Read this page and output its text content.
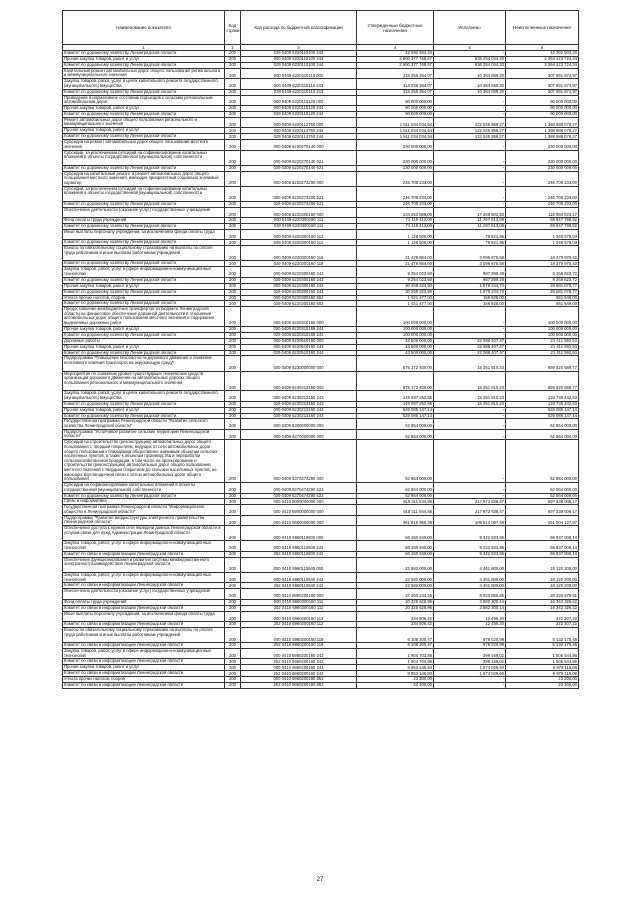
Наименование показателя	Код строки	Код расхода по бюджетной классификации	Утвержденные бюджетные назначения	Исполнено	Неисполненные назначения
1	2	3	4	5	6
Комитет по дорожному хозяйству Ленинградской области	200	029 0409 6220110100 242	42 292 933,33	-	42 292 933,33
Прочая закупка товаров, работ и услуг	200	000 0409 6220110100 244	2 900 377 768,67	636 254 044,33	2 264 123 724,34
Комитет по дорожному хозяйству Ленинградской области	200	029 0409 6220110100 244	2 900 377 768,67	636 254 044,33	2 264 123 724,34
Капитальный ремонт автомобильных дорог общего пользования регионального и межмуниципального значения	200	000 0409 6220110110 000	318 256 364,07	10 364 689,20	307 891 674,87
Закупка товаров, работ, услуг в целях капитального ремонта государственного (муниципального) имущества	200	000 0409 6220110110 243	318 256 364,07	10 364 689,20	307 891 674,87
Комитет по дорожному хозяйству Ленинградской области	200	029 0409 6220110110 243	318 256 364,07	10 364 689,20	307 891 674,87
Приведение в нормативное состояние подъездов к сельским региональным автомобильным дорог	200	000 0409 6220110120 000	90 000 000,00	-	90 000 000,00
Прочая закупка товаров, работ и услуг	200	000 0409 6220110120 244	90 000 000,00	-	90 000 000,00
Комитет по дорожному хозяйству Ленинградской области	200	029 0409 6220110120 244	90 000 000,00	-	90 000 000,00
Ремонт автомобильных дорог общего пользования регионального и межмуниципального значения	200	000 0409 6220112750 000	1 511 034 034,54	122 045 958,27	1 388 988 076,27
Прочая закупка товаров, работ и услуг	200	000 0409 6220112750 244	1 511 034 034,54	122 045 958,27	1 388 988 076,27
Комитет по дорожному хозяйству Ленинградской области	200	029 0409 6220112750 244	1 511 034 034,54	122 045 958,27	1 388 988 076,27
Субсидии на ремонт автомобильных дорог общего пользования местного значения	200	000 0409 6220270140 000	230 000 000,00	-	230 000 000,00
Субсидии, за исключением субсидий на софинансирование капитальных вложений в объекты государственной (муниципальной) собственности	200	000 0409 6220270140 521	230 000 000,00	-	230 000 000,00
Комитет по дорожному хозяйству Ленинградской области	200	029 0409 6220270140 521	230 000 000,00	-	230 000 000,00
Субсидии на капитальный ремонт и ремонт автомобильных дорог общего пользования местного значения, имеющих приоритетный социально значимый характер	200	000 0409 6220274200 000	246 708 233,00	-	246 708 233,00
Субсидии, за исключением субсидий на софинансирование капитальных вложений в объекты государственной (муниципальной) собственности	200	000 0409 6220274200 521	246 708 233,00	-	246 708 233,00
Комитет по дорожному хозяйству Ленинградской области	200	029 0409 6220274200 521	246 708 233,00	-	246 708 233,00
Обеспечение деятельности (оказание услуг) государственных учреждений	200	000 0409 6220300160 000	134 253 866,00	17 269 902,83	116 984 023,17
Фонд оплаты труда учреждений	200	000 0409 6220300160 111	71 115 412,00	11 267 613,08	59 847 798,92
Комитет по дорожному хозяйству Ленинградской области	200	029 0409 6220300160 111	71 115 412,00	11 267 613,08	59 847 798,92
Иные выплаты персоналу учреждений, за исключением фонда оплаты труда	200	000 0409 6220300160 112	1 128 500,00	79 821,96	1 048 678,04
Комитет по дорожному хозяйству Ленинградской области	200	029 0409 6220300160 112	1 128 500,00	79 821,96	1 048 678,04
Взносы по обязательному социальному страхованию на выплаты по оплате труда работников и иные выплаты работникам учреждений	200	000 0409 6220300160 119	21 476 854,00	3 096 875,58	18 379 978,42
Комитет по дорожному хозяйству Ленинградской области	200	029 0409 6220300160 119	21 476 854,00	3 096 875,58	18 379 978,42
Закупка товаров, работ, услуг в сфере информационно-коммуникационных технологий	200	000 0409 6220300160 242	9 254 023,50	987 399,28	8 266 623,72
Комитет по дорожному хозяйству Ленинградской области	200	029 0409 6220300160 242	9 254 023,50	987 399,28	8 266 623,72
Прочая закупка товаров, работ и услуг	200	000 0409 6220300160 244	30 259 323,50	1 678 244,73	28 581 078,77
Комитет по дорожному хозяйству Ленинградской области	200	029 0409 6220300160 244	30 259 323,50	1 678 244,73	28 581 078,77
Уплата прочих налогов, сборов	200	000 0409 6220300160 852	1 021 477,00	159 928,00	861 549,00
Комитет по дорожному хозяйству Ленинградской области	200	029 0409 6220300160 852	1 021 477,00	159 928,00	861 549,00
Предоставление межбюджетных трансфертов из бюджета Ленинградской области на финансовое обеспечение дорожной деятельности в отношении автомобильных дорог общего пользования местного значения и содержание выделенных дорожных работ	200	000 0409 6220310155 000	100 000 000,00	-	100 000 000,00
Прочая закупка товаров, работ и услуг	200	000 0409 6220310155 244	100 000 000,00	-	100 000 000,00
Комитет по дорожному хозяйству Ленинградской области	200	029 0409 6220310155 244	100 000 000,00	-	100 000 000,00
Дорожные работы	200	000 0409 6220510160 000	43 500 000,00	22 088 407,47	21 411 592,53
Прочая закупка товаров, работ и услуг	200	000 0409 6220510160 244	43 500 000,00	22 088 407,47	21 411 592,53
Комитет по дорожному хозяйству Ленинградской области	200	029 0409 6220510160 244	43 500 000,00	22 088 407,47	21 411 592,53
Подпрограмма "Повышение безопасности дорожного движения и снижение негативного влияния транспорта на окружающую среду"	200	000 0409 6230000000 000	675 172 400,00	15 351 810,23	659 820 589,77
Мероприятия по снижению уровня существующих технических средств организации дорожного движения на автомобильных дорогах общего пользования регионального и межмуниципального значения	200	000 0409 6230213150 000	675 172 400,00	15 351 810,23	659 820 589,77
Закупка товаров, работ, услуг в целях капитального ремонта государственного (муниципального) имущества	200	000 0409 6230213150 243	149 087 252,86	15 351 810,23	133 735 442,63
Комитет по дорожному хозяйству Ленинградской области	200	029 0409 6230213150 243	149 087 252,86	15 351 810,23	133 735 442,63
Прочая закупка товаров, работ и услуг	200	000 0409 6230213150 244	526 085 147,14	-	526 085 147,14
Комитет по дорожному хозяйству Ленинградской области	200	029 0409 6230213150 244	526 085 147,14	-	526 085 147,14
Государственная программа Ленинградской области "Развитие сельского хозяйства Ленинградской области"	200	000 0409 6300000000 000	62 864 000,00	-	62 864 000,00
Подпрограмма "Устойчивое развитие сельских территорий Ленинградской области"	200	000 0409 6370000000 000	62 864 000,00	-	62 864 000,00
Субсидии на строительство (реконструкцию) автомобильных дорог общего пользования с твердым покрытием, ведущих от сети автомобильных дорог общего пользования к ближайшим общественно значимым объектам сельских населенных пунктов, а также к объектам производства и переработки сельскохозяйственной продукции, в том числе на проектирование и строительство (реконструкцию) автомобильных дорог общего пользования местного значения с твердым покрытием до сельских населенных пунктов, не имеющих круглогодичной связи с сетью автомобильных дорог общего пользования	200	000 0409 6370474290 000	62 864 000,00	-	62 864 000,00
Субсидии на софинансирование капитальных вложений в объекты государственной (муниципальной) собственности	200	000 0409 6370474290 522	62 864 000,00	-	62 864 000,00
Комитет по дорожному хозяйству Ленинградской области	200	029 0409 6370474290 522	62 864 000,00	-	62 864 000,00
Связь и информатика	200	000 0410 0000000000 000	915 311 844,88	217 973 838,47	697 338 006,17
Государственная программа Ленинградской области "Информационное общество в Ленинградской области"	200	000 0410 6900000000 000	915 311 844,88	217 973 838,47	697 338 006,17
Подпрограмма "Развитие инфраструктуры электронного правительства Ленинградской области"	200	000 0410 6960000000 000	361 818 965,38	109 814 097,49	251 004 127,87
Обеспечение доступа к единой сети передачи данных Ленинградской области и услугам связи для нужд Администрации Ленинградской области	200	000 0410 6960110600 000	66 160 940,00	9 322 933,86	56 837 006,14
Закупка товаров, работ, услуг в сфере информационно-коммуникационных технологий	200	000 0410 6960110600 242	66 160 940,00	9 322 933,86	56 837 006,14
Комитет по связи и информатизации Ленинградской области	200	252 0410 6960110600 242	66 160 940,00	9 322 933,86	56 837 006,14
Обеспечение функционирования и развития системы межведомственного электронного взаимодействия Ленинградской области	200	000 0410 6960110640 000	22 582 000,00	4 461 800,00	18 120 200,00
Закупка товаров, работ, услуг в сфере информационно-коммуникационных технологий	200	000 0410 6960110640 242	22 582 000,00	4 461 800,00	18 120 200,00
Комитет по связи и информатизации Ленинградской области	200	252 0410 6960110640 242	22 582 000,00	4 461 800,00	18 120 200,00
Обеспечение деятельности (оказание услуг) государственных учреждений	200	000 0410 6960200160 000	37 350 234,26	8 923 855,65	28 426 578,61
Фонд оплаты труда учреждений	200	000 0410 6960200160 111	20 225 626,96	3 882 300,14	16 343 326,22
Комитет по связи и информатизации Ленинградской области	200	252 0410 6960200160 111	20 225 626,96	3 882 300,14	16 343 326,22
Иные выплаты персоналу учреждений, за исключением фонда оплаты труда	200	000 0410 6960200160 112	234 806,42	12 499,20	222 307,22
Комитет по связи и информатизации Ленинградской области	200	252 0410 6960200160 112	234 806,42	12 499,20	222 307,22
Взносы по обязательному социальному страхованию на выплаты по оплате труда работников и иные выплаты работникам учреждений	200	000 0410 6960200160 119	6 108 200,47	976 020,99	5 132 175,48
Комитет по связи и информатизации Ленинградской области	200	252 0410 6960200160 119	6 108 200,47	976 020,99	5 132 175,48
Закупка товаров, работ, услуг в сфере информационно-коммуникационных технологий	200	000 0410 6960200160 242	1 904 703,88	399 159,02	1 505 544,86
Комитет по связи и информатизации Ленинградской области	200	252 0410 6960200160 242	1 904 703,88	399 159,02	1 505 544,86
Прочая закупка товаров, работ и услуг	200	000 0410 6960200160 244	8 853 146,83	1 874 029,60	6 979 115,08
Комитет по связи и информатизации Ленинградской области	200	252 0410 6960200160 244	8 853 146,83	1 874 029,60	6 979 115,08
Уплата прочих налогов, сборов	200	000 0410 6960200160 852	23 300,00	-	23 300,00
Комитет по связи и информатизации Ленинградской области	200	252 0410 6960200160 852	23 300,00	-	23 300,00
27
